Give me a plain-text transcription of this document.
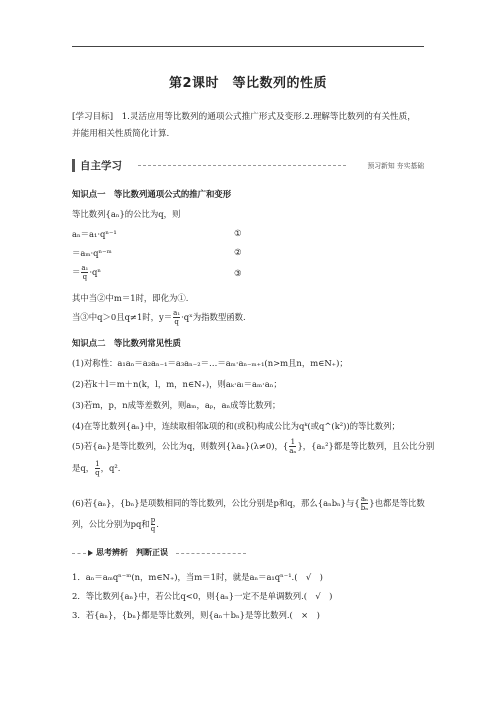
第2课时　等比数列的性质
[学习目标]　 1.灵活应用等比数列的通项公式推广形式及变形.2.理解等比数列的有关性质，并能用相关性质简化计算.
自主学习	预习新知 夯实基础
知识点一　等比数列通项公式的推广和变形
等比数列{aₙ}的公比为q，则
aₙ＝a₁·qⁿ⁻¹	①
＝aₘ·qⁿ⁻ᵐ	②
＝ $\frac{\text{a₁}}{q} \cdot q^n$	③
其中当②中m＝1时，即化为①.
当③中q＞0且q≠1时，$y= \frac{\text{a₁}}{q}$ ·qˣ为指数型函数.
知识点二　等比数列常见性质
(1)对称性：a₁aₙ＝a₂aₙ₋₁＝a₃aₙ₋₂＝…＝aₘ·aₙ₋ₘ₊₁(n>m且n，m∈N₊)；
(2)若k＋l＝m＋n(k，l，m，n∈N₊)，则aₖ·aₗ＝aₘ·aₙ；
(3)若m，p，n成等差数列，则aₘ，aₚ，aₙ成等比数列；
(4)在等比数列{aₙ}中，连续取相邻k项的和(或积)构成公比为qᵏ(或q^(k²))的等比数列；
(5)若{aₙ}是等比数列，公比为q，则数列{λaₙ}(λ≠0)，{ $\frac{1}{\text{aₙ}}$ }，{aₙ²}都是等比数列，且公比分别
是q， $\frac{1}{q}$ ，q².
(6)若{aₙ}，{bₙ}是项数相同的等比数列，公比分别是p和q，那么{aₙbₙ}与{ $\frac{\text{aₙ}}{\text{bₙ}}$ }也都是等比数
列，公比分别为pq和 $\frac{p}{q}$ .
思考辨析　判断正误
1．aₙ＝aₘqⁿ⁻ᵐ(n，m∈N₊)，当m＝1时，就是aₙ＝a₁qⁿ⁻¹.(　√　)
2．等比数列{aₙ}中，若公比q<0，则{aₙ}一定不是单调数列.(　√　)
3．若{aₙ}，{bₙ}都是等比数列，则{aₙ＋bₙ}是等比数列.(　×　)
